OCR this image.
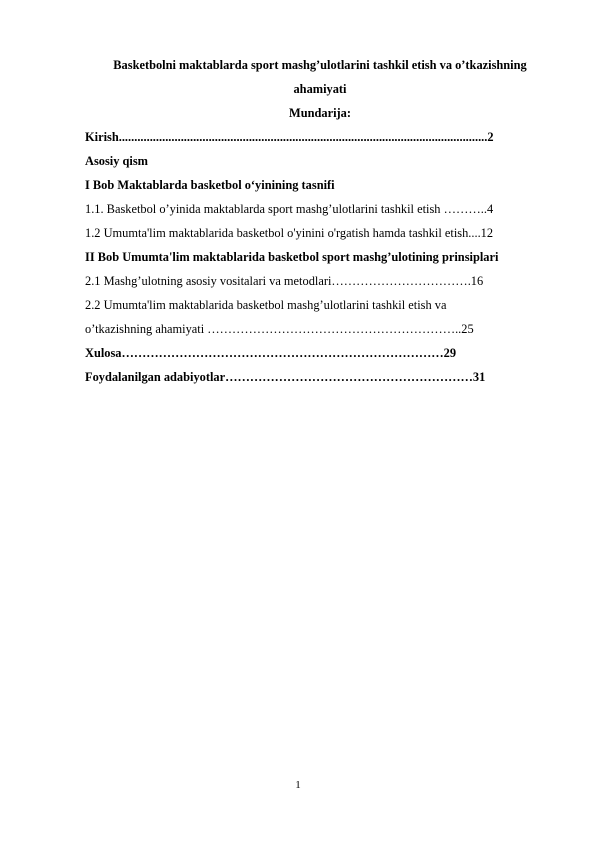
Basketbolni maktablarda sport mashg’ulotlarini tashkil etish va o’tkazishning
ahamiyati
Mundarija:
Kirish.......................................................................................................................2
Asosiy qism
I Bob Maktablarda basketbol o‘yinining tasnifi
1.1. Basketbol o’yinida maktablarda sport mashg’ulotlarini tashkil etish ………..4
1.2 Umumta'lim maktablarida basketbol o'yinini o'rgatish hamda tashkil etish....12
II Bob Umumta'lim maktablarida basketbol sport mashg’ulotining prinsiplari
2.1 Mashg’ulotning asosiy vositalari va metodlari…………………………….16
2.2 Umumta'lim maktablarida basketbol mashg’ulotlarini tashkil etish va
o’tkazishning ahamiyati ……………………………………………………..25
Xulosa……………………………………………………………………29
Foydalanilgan adabiyotlar……………………………………………………31
1
